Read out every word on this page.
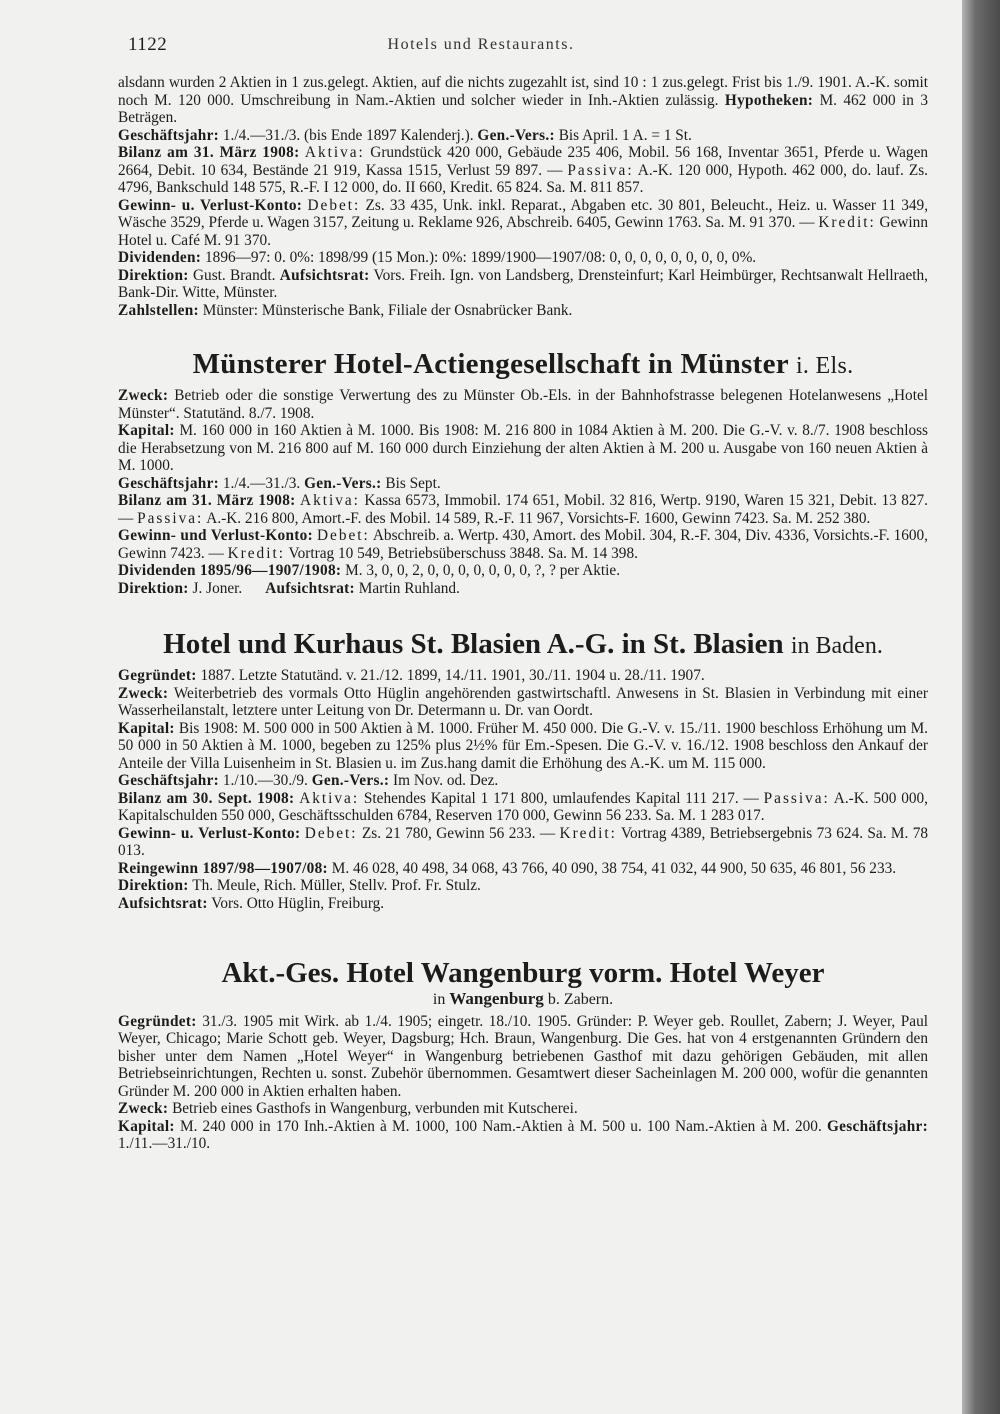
1122	Hotels und Restaurants.

alsdann wurden 2 Aktien in 1 zus.gelegt. Aktien, auf die nichts zugezahlt ist, sind 10 : 1 zus.gelegt. Frist bis 1./9. 1901. A.-K. somit noch M. 120 000. Umschreibung in Nam.-Aktien und solcher wieder in Inh.-Aktien zulässig. Hypotheken: M. 462 000 in 3 Beträgen.

Geschäftsjahr: 1./4.—31./3. (bis Ende 1897 Kalenderj.). Gen.-Vers.: Bis April. 1 A. = 1 St.

Bilanz am 31. März 1908: Aktiva: Grundstück 420 000, Gebäude 235 406, Mobil. 56 168, Inventar 3651, Pferde u. Wagen 2664, Debit. 10 634, Bestände 21 919, Kassa 1515, Verlust 59 897. — Passiva: A.-K. 120 000, Hypoth. 462 000, do. lauf. Zs. 4796, Bankschuld 148 575, R.-F. I 12 000, do. II 660, Kredit. 65 824. Sa. M. 811 857.

Gewinn- u. Verlust-Konto: Debet: Zs. 33 435, Unk. inkl. Reparat., Abgaben etc. 30 801, Beleucht., Heiz. u. Wasser 11 349, Wäsche 3529, Pferde u. Wagen 3157, Zeitung u. Reklame 926, Abschreib. 6405, Gewinn 1763. Sa. M. 91 370. — Kredit: Gewinn Hotel u. Café M. 91 370.

Dividenden: 1896—97: 0. 0%: 1898/99 (15 Mon.): 0%: 1899/1900—1907/08: 0, 0, 0, 0, 0, 0, 0, 0, 0%.

Direktion: Gust. Brandt. Aufsichtsrat: Vors. Freih. Ign. von Landsberg, Drensteinfurt; Karl Heimbürger, Rechtsanwalt Hellraeth, Bank-Dir. Witte, Münster.

Zahlstellen: Münster: Münsterische Bank, Filiale der Osnabrücker Bank.

Münsterer Hotel-Actiengesellschaft in Münster i. Els.

Zweck: Betrieb oder die sonstige Verwertung des zu Münster Ob.-Els. in der Bahnhofstrasse belegenen Hotelanwesens „Hotel Münster“. Statutänd. 8./7. 1908.

Kapital: M. 160 000 in 160 Aktien à M. 1000. Bis 1908: M. 216 800 in 1084 Aktien à M. 200. Die G.-V. v. 8./7. 1908 beschloss die Herabsetzung von M. 216 800 auf M. 160 000 durch Einziehung der alten Aktien à M. 200 u. Ausgabe von 160 neuen Aktien à M. 1000.

Geschäftsjahr: 1./4.—31./3. Gen.-Vers.: Bis Sept.

Bilanz am 31. März 1908: Aktiva: Kassa 6573, Immobil. 174 651, Mobil. 32 816, Wertp. 9190, Waren 15 321, Debit. 13 827. — Passiva: A.-K. 216 800, Amort.-F. des Mobil. 14 589, R.-F. 11 967, Vorsichts-F. 1600, Gewinn 7423. Sa. M. 252 380.

Gewinn- und Verlust-Konto: Debet: Abschreib. a. Wertp. 430, Amort. des Mobil. 304, R.-F. 304, Div. 4336, Vorsichts.-F. 1600, Gewinn 7423. — Kredit: Vortrag 10 549, Betriebsüberschuss 3848. Sa. M. 14 398.

Dividenden 1895/96—1907/1908: M. 3, 0, 0, 2, 0, 0, 0, 0, 0, 0, 0, ?, ? per Aktie.

Direktion: J. Joner. Aufsichtsrat: Martin Ruhland.

Hotel und Kurhaus St. Blasien A.-G. in St. Blasien in Baden.

Gegründet: 1887. Letzte Statutänd. v. 21./12. 1899, 14./11. 1901, 30./11. 1904 u. 28./11. 1907.

Zweck: Weiterbetrieb des vormals Otto Hüglin angehörenden gastwirtschaftl. Anwesens in St. Blasien in Verbindung mit einer Wasserheilanstalt, letztere unter Leitung von Dr. Determann u. Dr. van Oordt.

Kapital: Bis 1908: M. 500 000 in 500 Aktien à M. 1000. Früher M. 450 000. Die G.-V. v. 15./11. 1900 beschloss Erhöhung um M. 50 000 in 50 Aktien à M. 1000, begeben zu 125% plus 2½% für Em.-Spesen. Die G.-V. v. 16./12. 1908 beschloss den Ankauf der Anteile der Villa Luisenheim in St. Blasien u. im Zus.hang damit die Erhöhung des A.-K. um M. 115 000.

Geschäftsjahr: 1./10.—30./9. Gen.-Vers.: Im Nov. od. Dez.

Bilanz am 30. Sept. 1908: Aktiva: Stehendes Kapital 1 171 800, umlaufendes Kapital 111 217. — Passiva: A.-K. 500 000, Kapitalschulden 550 000, Geschäftsschulden 6784, Reserven 170 000, Gewinn 56 233. Sa. M. 1 283 017.

Gewinn- u. Verlust-Konto: Debet: Zs. 21 780, Gewinn 56 233. — Kredit: Vortrag 4389, Betriebsergebnis 73 624. Sa. M. 78 013.

Reingewinn 1897/98—1907/08: M. 46 028, 40 498, 34 068, 43 766, 40 090, 38 754, 41 032, 44 900, 50 635, 46 801, 56 233.

Direktion: Th. Meule, Rich. Müller, Stellv. Prof. Fr. Stulz.

Aufsichtsrat: Vors. Otto Hüglin, Freiburg.

Akt.-Ges. Hotel Wangenburg vorm. Hotel Weyer
in Wangenburg b. Zabern.

Gegründet: 31./3. 1905 mit Wirk. ab 1./4. 1905; eingetr. 18./10. 1905. Gründer: P. Weyer geb. Roullet, Zabern; J. Weyer, Paul Weyer, Chicago; Marie Schott geb. Weyer, Dagsburg; Hch. Braun, Wangenburg. Die Ges. hat von 4 erstgenannten Gründern den bisher unter dem Namen „Hotel Weyer“ in Wangenburg betriebenen Gasthof mit dazu gehörigen Gebäuden, mit allen Betriebseinrichtungen, Rechten u. sonst. Zubehör übernommen. Gesamtwert dieser Sacheinlagen M. 200 000, wofür die genannten Gründer M. 200 000 in Aktien erhalten haben.

Zweck: Betrieb eines Gasthofs in Wangenburg, verbunden mit Kutscherei.

Kapital: M. 240 000 in 170 Inh.-Aktien à M. 1000, 100 Nam.-Aktien à M. 500 u. 100 Nam.-Aktien à M. 200. Geschäftsjahr: 1./11.—31./10.
